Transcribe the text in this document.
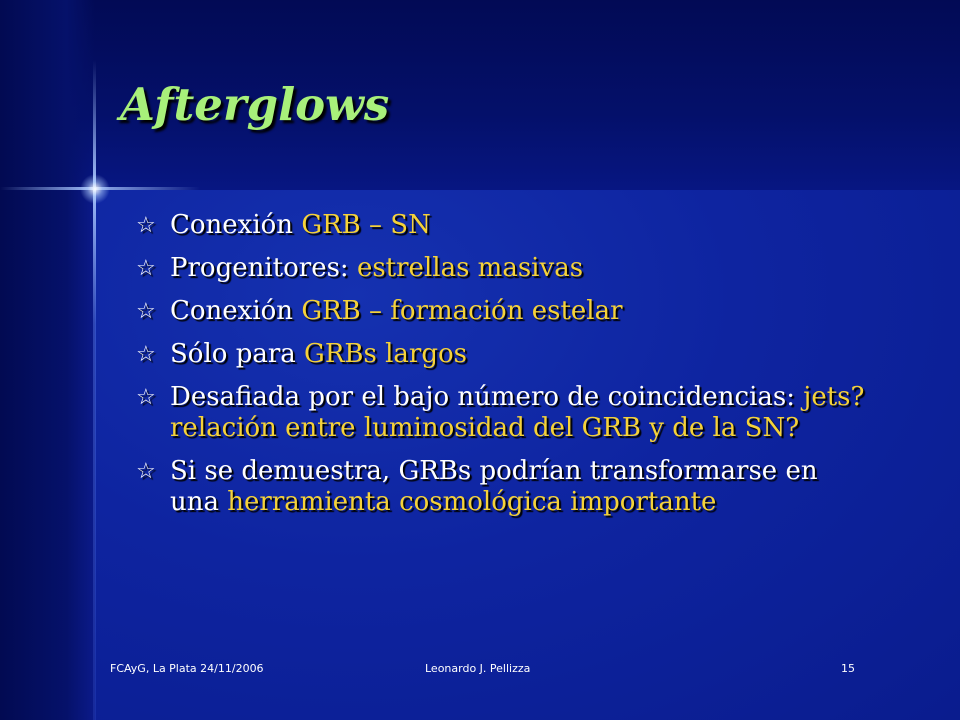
Afterglows
☆ Conexión GRB – SN
☆ Progenitores: estrellas masivas
☆ Conexión GRB – formación estelar
☆ Sólo para GRBs largos
☆ Desafiada por el bajo número de coincidencias: jets? relación entre luminosidad del GRB y de la SN?
☆ Si se demuestra, GRBs podrían transformarse en una herramienta cosmológica importante
FCAyG, La Plata 24/11/2006	Leonardo J. Pellizza	15
